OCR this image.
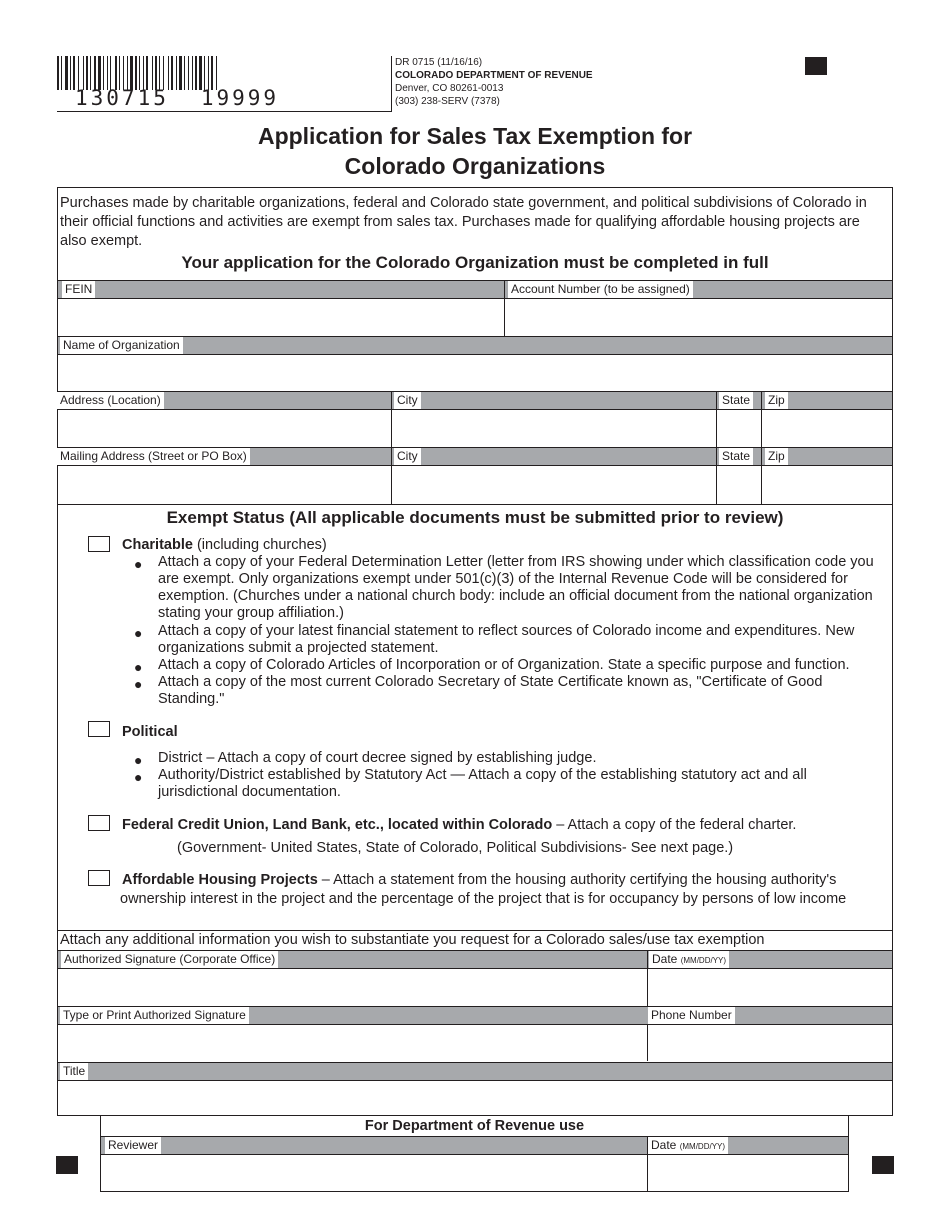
130715 19999
DR 0715 (11/16/16)
COLORADO DEPARTMENT OF REVENUE
Denver, CO 80261-0013
(303) 238-SERV (7378)
Application for Sales Tax Exemption for
Colorado Organizations
Purchases made by charitable organizations, federal and Colorado state government, and political subdivisions of Colorado in their official functions and activities are exempt from sales tax. Purchases made for qualifying affordable housing projects are also exempt.
Your application for the Colorado Organization must be completed in full
FEIN	Account Number (to be assigned)
Name of Organization
Address (Location)	City	State Zip
Mailing Address (Street or PO Box)	City	State Zip
Exempt Status (All applicable documents must be submitted prior to review)
Charitable (including churches)
● Attach a copy of your Federal Determination Letter (letter from IRS showing under which classification code you are exempt. Only organizations exempt under 501(c)(3) of the Internal Revenue Code will be considered for exemption. (Churches under a national church body: include an official document from the national organization stating your group affiliation.)
● Attach a copy of your latest financial statement to reflect sources of Colorado income and expenditures. New organizations submit a projected statement.
● Attach a copy of Colorado Articles of Incorporation or of Organization. State a specific purpose and function.
● Attach a copy of the most current Colorado Secretary of State Certificate known as, "Certificate of Good Standing."
Political
● District – Attach a copy of court decree signed by establishing judge.
● Authority/District established by Statutory Act — Attach a copy of the establishing statutory act and all jurisdictional documentation.
Federal Credit Union, Land Bank, etc., located within Colorado – Attach a copy of the federal charter.
(Government- United States, State of Colorado, Political Subdivisions- See next page.)
Affordable Housing Projects – Attach a statement from the housing authority certifying the housing authority's
ownership interest in the project and the percentage of the project that is for occupancy by persons of low income
Attach any additional information you wish to substantiate you request for a Colorado sales/use tax exemption
Authorized Signature (Corporate Office)	Date (MM/DD/YY)
Type or Print Authorized Signature	Phone Number
Title
For Department of Revenue use
Reviewer	Date (MM/DD/YY)
